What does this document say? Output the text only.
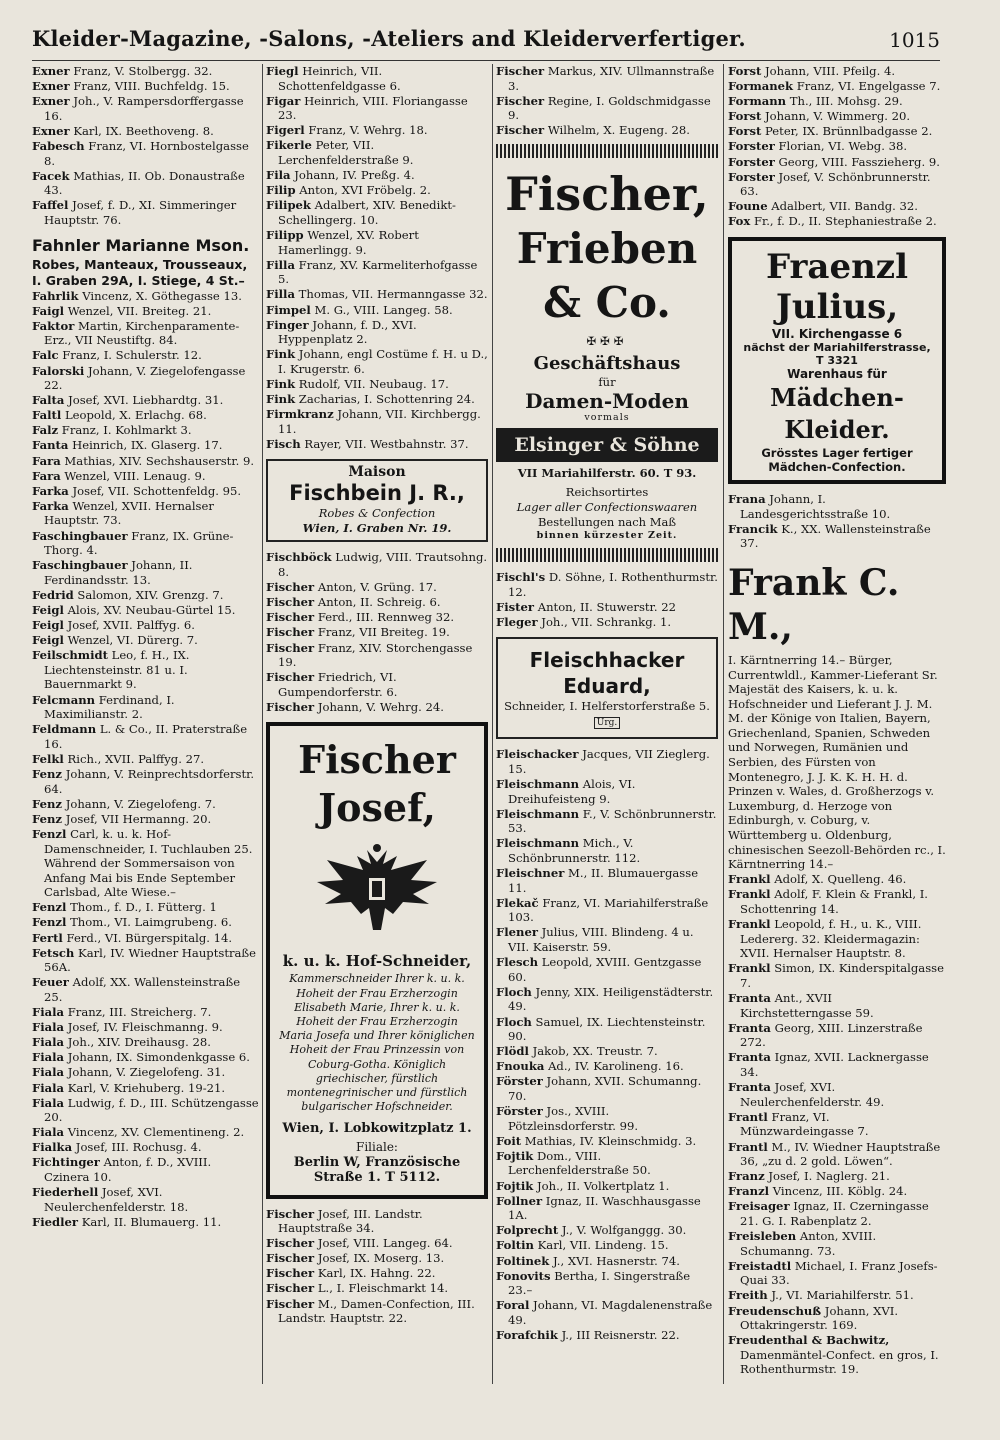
Kleider-Magazine, -Salons, -Ateliers and Kleiderverfertiger.	1015
Exner Franz, V. Stolbergg. 32.
Exner Franz, VIII. Buchfeldg. 15.
Exner Joh., V. Rampersdorffergasse 16.
Exner Karl, IX. Beethoveng. 8.
Fabesch Franz, VI. Hornbostelgasse 8.
Facek Mathias, II. Ob. Donaustraße 43.
Faffel Josef, f. D., XI. Simmeringer Hauptstr. 76.
Fahnler Marianne Mson.
Robes, Manteaux, Trousseaux,
I. Graben 29A, I. Stiege, 4 St.–
Fahrlik Vincenz, X. Göthegasse 13.
Faigl Wenzel, VII. Breiteg. 21.
Faktor Martin, Kirchenparamente-Erz., VII Neustiftg. 84.
Falc Franz, I. Schulerstr. 12.
Falorski Johann, V. Ziegelofengasse 22.
Falta Josef, XVI. Liebhardtg. 31.
Faltl Leopold, X. Erlachg. 68.
Falz Franz, I. Kohlmarkt 3.
Fanta Heinrich, IX. Glaserg. 17.
Fara Mathias, XIV. Sechshauserstr. 9.
Fara Wenzel, VIII. Lenaug. 9.
Farka Josef, VII. Schottenfeldg. 95.
Farka Wenzel, XVII. Hernalser Hauptstr. 73.
Faschingbauer Franz, IX. Grüne-Thorg. 4.
Faschingbauer Johann, II. Ferdinandsstr. 13.
Fedrid Salomon, XIV. Grenzg. 7.
Feigl Alois, XV. Neubau-Gürtel 15.
Feigl Josef, XVII. Palffyg. 6.
Feigl Wenzel, VI. Dürerg. 7.
Feilschmidt Leo, f. H., IX. Liechtensteinstr. 81 u. I. Bauernmarkt 9.
Felcmann Ferdinand, I. Maximilianstr. 2.
Feldmann L. & Co., II. Praterstraße 16.
Felkl Rich., XVII. Palffyg. 27.
Fenz Johann, V. Reinprechtsdorferstr. 64.
Fenz Johann, V. Ziegelofeng. 7.
Fenz Josef, VII Hermanng. 20.
Fenzl Carl, k. u. k. Hof-Damenschneider, I. Tuchlauben 25. Während der Sommersaison von Anfang Mai bis Ende September Carlsbad, Alte Wiese.–
Fenzl Thom., f. D., I. Fütterg. 1
Fenzl Thom., VI. Laimgrubeng. 6.
Fertl Ferd., VI. Bürgerspitalg. 14.
Fetsch Karl, IV. Wiedner Hauptstraße 56A.
Feuer Adolf, XX. Wallensteinstraße 25.
Fiala Franz, III. Streicherg. 7.
Fiala Josef, IV. Fleischmanng. 9.
Fiala Joh., XIV. Dreihausg. 28.
Fiala Johann, IX. Simondenkgasse 6.
Fiala Johann, V. Ziegelofeng. 31.
Fiala Karl, V. Kriehuberg. 19-21.
Fiala Ludwig, f. D., III. Schützengasse 20.
Fiala Vincenz, XV. Clementineng. 2.
Fialka Josef, III. Rochusg. 4.
Fichtinger Anton, f. D., XVIII. Czinera 10.
Fiederhell Josef, XVI. Neulerchenfelderstr. 18.
Fiedler Karl, II. Blumauerg. 11.
Fiegl Heinrich, VII. Schottenfeldgasse 6.
Figar Heinrich, VIII. Floriangasse 23.
Figerl Franz, V. Wehrg. 18.
Fikerle Peter, VII. Lerchenfelderstraße 9.
Fila Johann, IV. Preßg. 4.
Filip Anton, XVI Fröbelg. 2.
Filipek Adalbert, XIV. Benedikt-Schellingerg. 10.
Filipp Wenzel, XV. Robert Hamerlingg. 9.
Filla Franz, XV. Karmeliterhofgasse 5.
Filla Thomas, VII. Hermanngasse 32.
Fimpel M. G., VIII. Langeg. 58.
Finger Johann, f. D., XVI. Hyppenplatz 2.
Fink Johann, engl Costüme f. H. u D., I. Krugerstr. 6.
Fink Rudolf, VII. Neubaug. 17.
Fink Zacharias, I. Schottenring 24.
Firmkranz Johann, VII. Kirchbergg. 11.
Fisch Rayer, VII. Westbahnstr. 37.
Maison
Fischbein J. R.,
Robes & Confection
Wien, I. Graben Nr. 19.
Fischböck Ludwig, VIII. Trautsohng. 8.
Fischer Anton, V. Grüng. 17.
Fischer Anton, II. Schreig. 6.
Fischer Ferd., III. Rennweg 32.
Fischer Franz, VII Breiteg. 19.
Fischer Franz, XIV. Storchengasse 19.
Fischer Friedrich, VI. Gumpendorferstr. 6.
Fischer Johann, V. Wehrg. 24.
Fischer Josef,
k. u. k. Hof-Schneider,
Kammerschneider Ihrer k. u. k. Hoheit der Frau Erzherzogin Elisabeth Marie, Ihrer k. u. k. Hoheit der Frau Erzherzogin Maria Josefa und Ihrer königlichen Hoheit der Frau Prinzessin von Coburg-Gotha. Königlich griechischer, fürstlich montenegrinischer und fürstlich bulgarischer Hofschneider.
Wien, I. Lobkowitzplatz 1.
Filiale:
Berlin W, Französische Straße 1. T 5112.
Fischer Josef, III. Landstr. Hauptstraße 34.
Fischer Josef, VIII. Langeg. 64.
Fischer Josef, IX. Moserg. 13.
Fischer Karl, IX. Hahng. 22.
Fischer L., I. Fleischmarkt 14.
Fischer M., Damen-Confection, III. Landstr. Hauptstr. 22.
Fischer Markus, XIV. Ullmannstraße 3.
Fischer Regine, I. Goldschmidgasse 9.
Fischer Wilhelm, X. Eugeng. 28.
Fischer,
Frieben & Co.
✠✠✠
Geschäftshaus
für
Damen-Moden
vormals
Elsinger & Söhne
VII Mariahilferstr. 60. T 93.
Reichsortirtes
Lager aller Confectionswaaren
Bestellungen nach Maß
binnen kürzester Zeit.
Fischl's D. Söhne, I. Rothenthurmstr. 12.
Fister Anton, II. Stuwerstr. 22
Fleger Joh., VII. Schrankg. 1.
Fleischhacker Eduard,
Schneider, I. Helferstorferstraße 5. Urg.
Fleischacker Jacques, VII Zieglerg. 15.
Fleischmann Alois, VI. Dreihufeisteng 9.
Fleischmann F., V. Schönbrunnerstr. 53.
Fleischmann Mich., V. Schönbrunnerstr. 112.
Fleischner M., II. Blumauergasse 11.
Flekač Franz, VI. Mariahilferstraße 103.
Flener Julius, VIII. Blindeng. 4 u. VII. Kaiserstr. 59.
Flesch Leopold, XVIII. Gentzgasse 60.
Floch Jenny, XIX. Heiligenstädterstr. 49.
Floch Samuel, IX. Liechtensteinstr. 90.
Flödl Jakob, XX. Treustr. 7.
Fnouka Ad., IV. Karolineng. 16.
Förster Johann, XVII. Schumanng. 70.
Förster Jos., XVIII. Pötzleinsdorferstr. 99.
Foit Mathias, IV. Kleinschmidg. 3.
Fojtik Dom., VIII. Lerchenfelderstraße 50.
Fojtik Joh., II. Volkertplatz 1.
Follner Ignaz, II. Waschhausgasse 1A.
Folprecht J., V. Wolfganggg. 30.
Foltin Karl, VII. Lindeng. 15.
Foltinek J., XVI. Hasnerstr. 74.
Fonovits Bertha, I. Singerstraße 23.–
Foral Johann, VI. Magdalenenstraße 49.
Forafchik J., III Reisnerstr. 22.
Forst Johann, VIII. Pfeilg. 4.
Formanek Franz, VI. Engelgasse 7.
Formann Th., III. Mohsg. 29.
Forst Johann, V. Wimmerg. 20.
Forst Peter, IX. Brünnlbadgasse 2.
Forster Florian, VI. Webg. 38.
Forster Georg, VIII. Fasszieherg. 9.
Forster Josef, V. Schönbrunnerstr. 63.
Foune Adalbert, VII. Bandg. 32.
Fox Fr., f. D., II. Stephaniestraße 2.
Fraenzl Julius,
VII. Kirchengasse 6
nächst der Mariahilferstrasse, T 3321
Warenhaus für
Mädchen-Kleider.
Grösstes Lager fertiger
Mädchen-Confection.
Frana Johann, I. Landesgerichtsstraße 10.
Francik K., XX. Wallensteinstraße 37.
Frank C. M.,
I. Kärntnerring 14.– Bürger, Currentwldl., Kammer-Lieferant Sr. Majestät des Kaisers, k. u. k. Hofschneider und Lieferant J. J. M. M. der Könige von Italien, Bayern, Griechenland, Spanien, Schweden und Norwegen, Rumänien und Serbien, des Fürsten von Montenegro, J. J. K. K. H. H. d. Prinzen v. Wales, d. Großherzogs v. Luxemburg, d. Herzoge von Edinburgh, v. Coburg, v. Württemberg u. Oldenburg, chinesischen Seezoll-Behörden rc., I. Kärntnerring 14.–
Frankl Adolf, X. Quelleng. 46.
Frankl Adolf, F. Klein & Frankl, I. Schottenring 14.
Frankl Leopold, f. H., u. K., VIII. Ledererg. 32. Kleidermagazin: XVII. Hernalser Hauptstr. 8.
Frankl Simon, IX. Kinderspitalgasse 7.
Franta Ant., XVII Kirchstetterngasse 59.
Franta Georg, XIII. Linzerstraße 272.
Franta Ignaz, XVII. Lacknergasse 34.
Franta Josef, XVI. Neulerchenfelderstr. 49.
Frantl Franz, VI. Münzwardeingasse 7.
Frantl M., IV. Wiedner Hauptstraße 36, „zu d. 2 gold. Löwen“.
Franz Josef, I. Naglerg. 21.
Franzl Vincenz, III. Köblg. 24.
Freisager Ignaz, II. Czerningasse 21. G. I. Rabenplatz 2.
Freisleben Anton, XVIII. Schumanng. 73.
Freistadtl Michael, I. Franz Josefs-Quai 33.
Freith J., VI. Mariahilferstr. 51.
Freudenschuß Johann, XVI. Ottakringerstr. 169.
Freudenthal & Bachwitz, Damenmäntel-Confect. en gros, I. Rothenthurmstr. 19.
